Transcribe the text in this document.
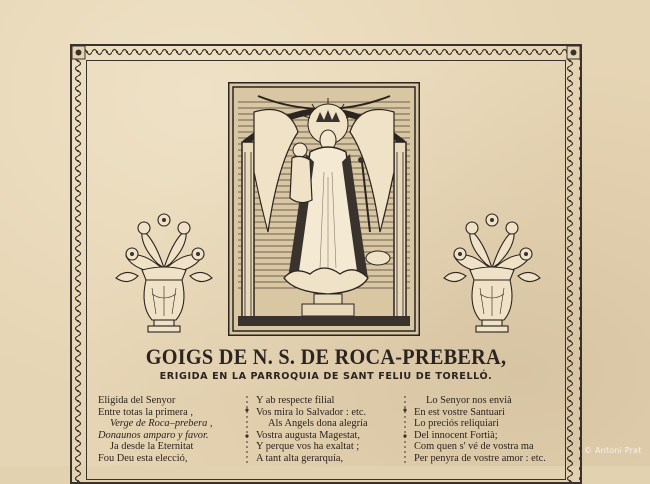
GOIGS DE N. S. DE ROCA-PREBERA,
ERIGIDA EN LA PARROQUIA DE SANT FELIU DE TORELLÓ.
Eligida del Senyor
Entre totas la primera ,
Verge de Roca–prebera ,
Donaunos amparo y favor.
Ja desde la Eternitat
Fou Deu esta elecció,
Y ab respecte filial
Vos mira lo Salvador : etc.
Als Angels dona alegría
Vostra augusta Magestat,
Y perque vos ha exaltat ;
A tant alta gerarquía,
Lo Senyor nos envià
En est vostre Santuari
Lo preciós reliquiari
Del innocent Fortià;
Com quen s' vé de vostra ma
Per penyra de vostre amor : etc.
© Antoni Prat
